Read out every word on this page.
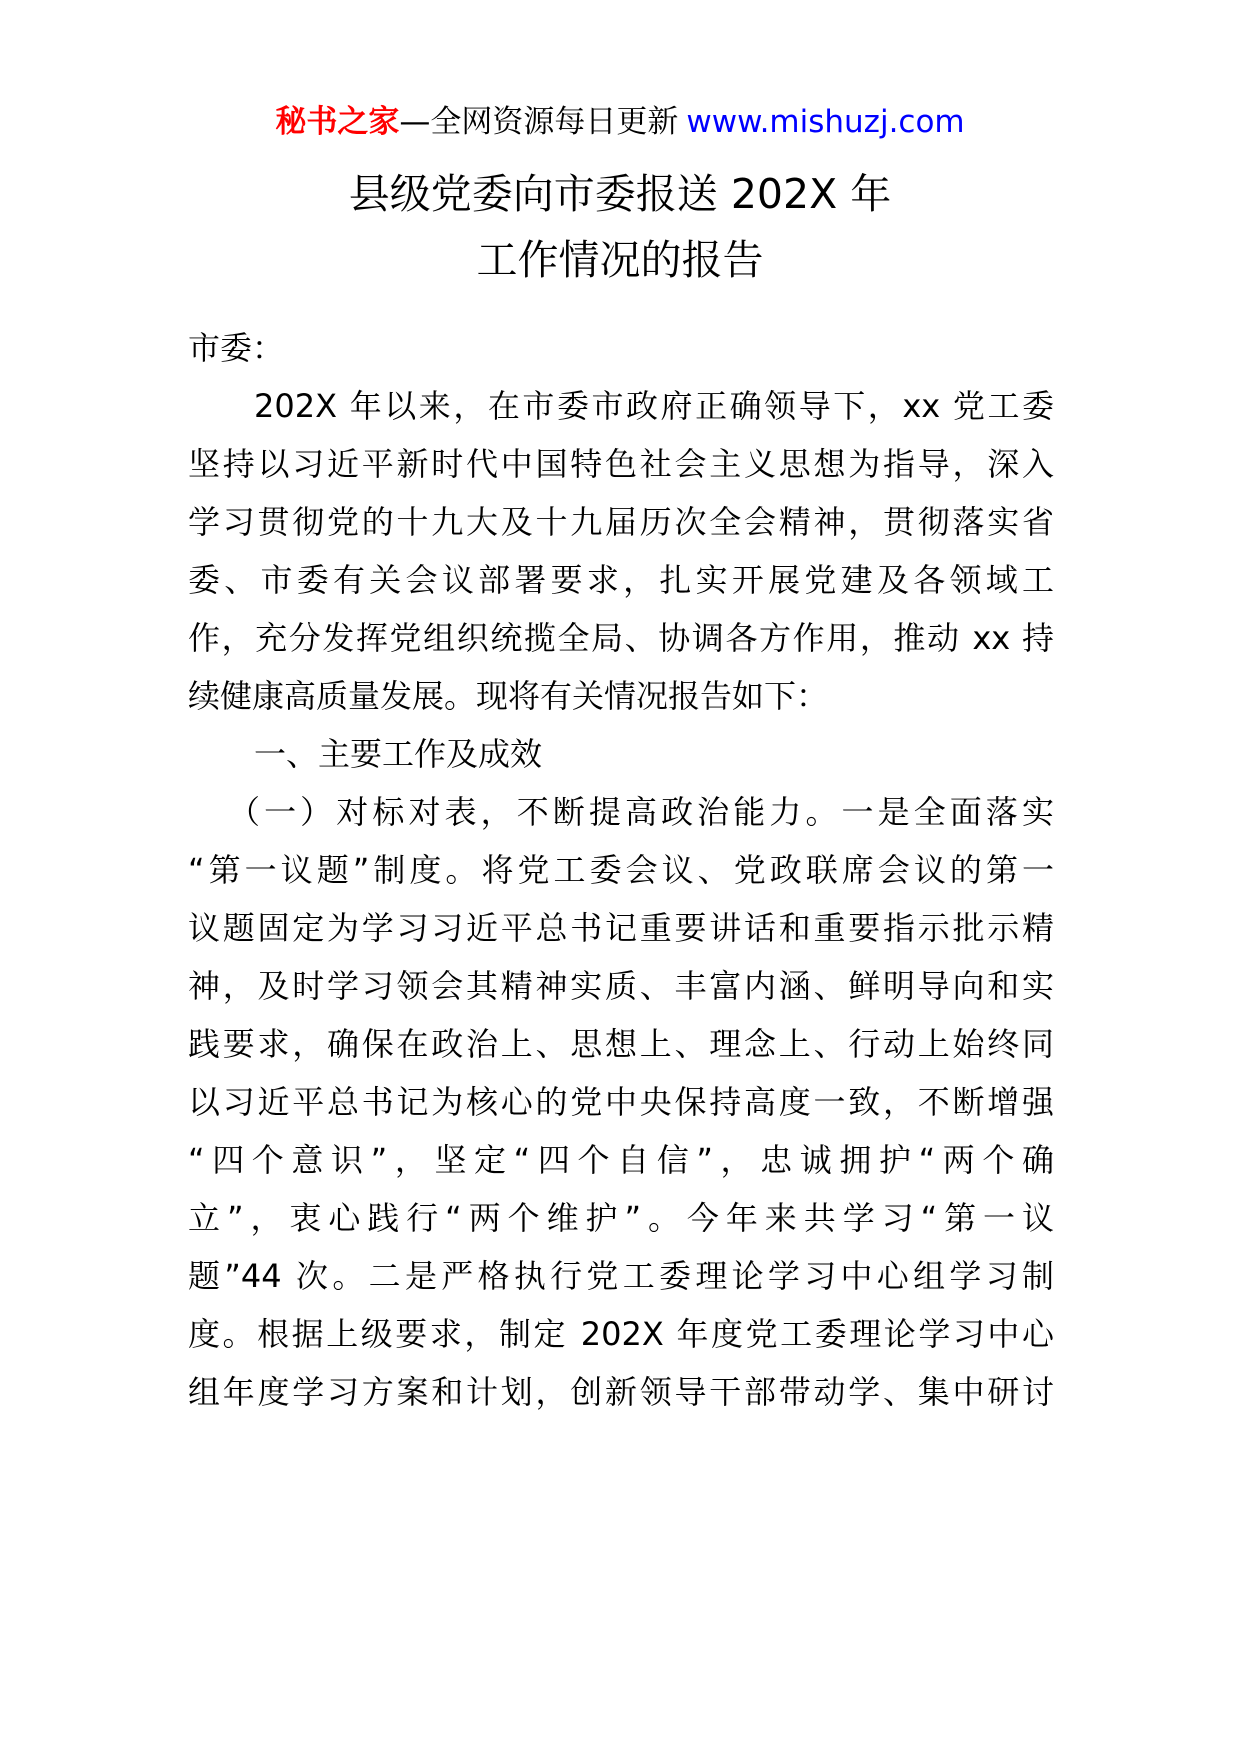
秘书之家—全网资源每日更新 www.mishuzj.com
县级党委向市委报送 202X 年
工作情况的报告
市委：
202X 年以来，在市委市政府正确领导下，xx 党工委
坚持以习近平新时代中国特色社会主义思想为指导，深入
学习贯彻党的十九大及十九届历次全会精神，贯彻落实省
委、市委有关会议部署要求，扎实开展党建及各领域工
作，充分发挥党组织统揽全局、协调各方作用，推动 xx 持
续健康高质量发展。现将有关情况报告如下：
一、主要工作及成效
（一）对标对表，不断提高政治能力。一是全面落实
“第一议题”制度。将党工委会议、党政联席会议的第一
议题固定为学习习近平总书记重要讲话和重要指示批示精
神，及时学习领会其精神实质、丰富内涵、鲜明导向和实
践要求，确保在政治上、思想上、理念上、行动上始终同
以习近平总书记为核心的党中央保持高度一致，不断增强
“四个意识”，坚定“四个自信”，忠诚拥护“两个确
立”，衷心践行“两个维护”。今年来共学习“第一议
题”44 次。二是严格执行党工委理论学习中心组学习制
度。根据上级要求，制定 202X 年度党工委理论学习中心
组年度学习方案和计划，创新领导干部带动学、集中研讨
